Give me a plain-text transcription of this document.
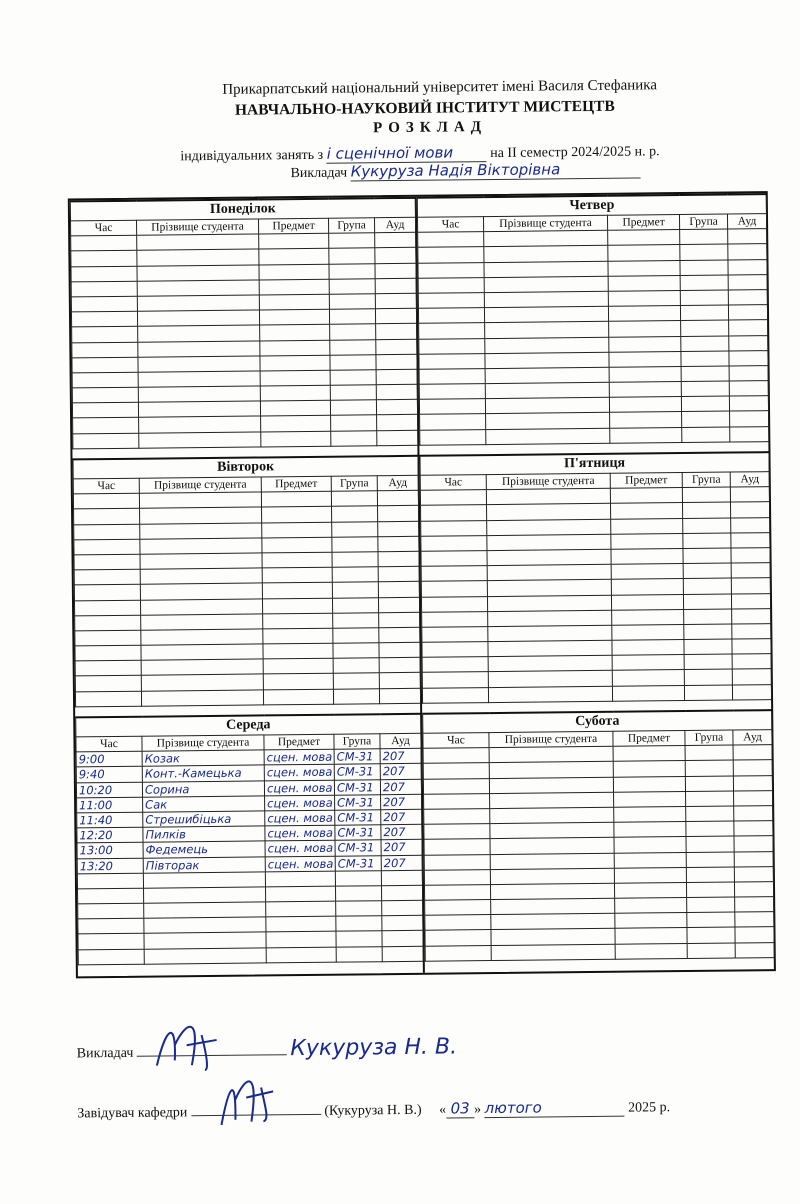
Прикарпатський національний університет імені Василя Стефаника
НАВЧАЛЬНО-НАУКОВИЙ ІНСТИТУТ МИСТЕЦТВ
РОЗКЛАД
індивідуальних занять з і сценічної мови	на II семестр 2024/2025 н. р.
Викладач Кукуруза Надія Вікторівна
Понеділок				
Час	Прізвище студента	Предмет	Група	Ауд

Четвер				
Час	Прізвище студента	Предмет	Група	Ауд

Вівторок				
Час	Прізвище студента	Предмет	Група	Ауд

П'ятниця				
Час	Прізвище студента	Предмет	Група	Ауд

Середа				
Час	Прізвище студента	Предмет	Група	Ауд
9:00	Козак	сцен. мова	СМ-31	207
9:40	Конт.-Камецька	сцен. мова	СМ-31	207
10:20	Сорина	сцен. мова	СМ-31	207
11:00	Сак	сцен. мова	СМ-31	207
11:40	Стрешибіцька	сцен. мова	СМ-31	207
12:20	Пилків	сцен. мова	СМ-31	207
13:00	Федемець	сцен. мова	СМ-31	207
13:20	Півторак	сцен. мова	СМ-31	207

Субота				
Час	Прізвище студента	Предмет	Група	Ауд

Викладач	Кукуруза Н. В.
Завідувач кафедри	(Кукуруза Н. В.) « 03 » лютого	2025 р.
